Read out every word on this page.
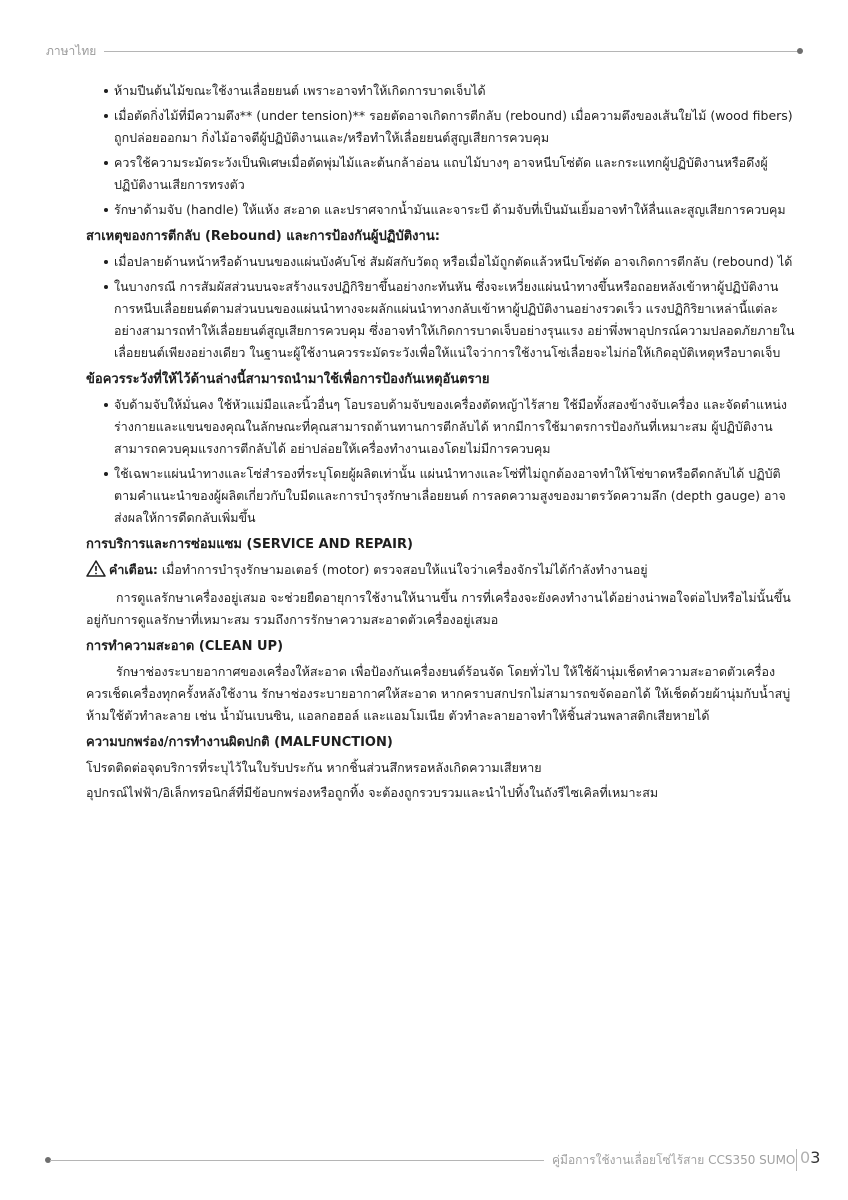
ภาษาไทย
ห้ามปีนต้นไม้ขณะใช้งานเลื่อยยนต์ เพราะอาจทำให้เกิดการบาดเจ็บได้
เมื่อตัดกิ่งไม้ที่มีความตึง** (under tension)** รอยตัดอาจเกิดการตีกลับ (rebound) เมื่อความตึงของเส้นใยไม้ (wood fibers) ถูกปล่อยออกมา กิ่งไม้อาจตีผู้ปฏิบัติงานและ/หรือทำให้เลื่อยยนต์สูญเสียการควบคุม
ควรใช้ความระมัดระวังเป็นพิเศษเมื่อตัดพุ่มไม้และต้นกล้าอ่อน แถบไม้บางๆ อาจหนีบโซ่ตัด และกระแทกผู้ปฏิบัติงานหรือดึงผู้ปฏิบัติงานเสียการทรงตัว
รักษาด้ามจับ (handle) ให้แห้ง สะอาด และปราศจากน้ำมันและจาระบี ด้ามจับที่เป็นมันเยิ้มอาจทำให้ลื่นและสูญเสียการควบคุม
สาเหตุของการตีกลับ (Rebound) และการป้องกันผู้ปฏิบัติงาน:
เมื่อปลายด้านหน้าหรือด้านบนของแผ่นบังคับโซ่ สัมผัสกับวัตถุ หรือเมื่อไม้ถูกตัดแล้วหนีบโซ่ตัด อาจเกิดการตีกลับ (rebound) ได้
ในบางกรณี การสัมผัสส่วนบนจะสร้างแรงปฏิกิริยาขึ้นอย่างกะทันหัน ซึ่งจะเหวี่ยงแผ่นนำทางขึ้นหรือถอยหลังเข้าหาผู้ปฏิบัติงาน การหนีบเลื่อยยนต์ตามส่วนบนของแผ่นนำทางจะผลักแผ่นนำทางกลับเข้าหาผู้ปฏิบัติงานอย่างรวดเร็ว แรงปฏิกิริยาเหล่านี้แต่ละอย่างสามารถทำให้เลื่อยยนต์สูญเสียการควบคุม ซึ่งอาจทำให้เกิดการบาดเจ็บอย่างรุนแรง อย่าพึ่งพาอุปกรณ์ความปลอดภัยภายในเลื่อยยนต์เพียงอย่างเดียว ในฐานะผู้ใช้งานควรระมัดระวังเพื่อให้แน่ใจว่าการใช้งานโซ่เลื่อยจะไม่ก่อให้เกิดอุบัติเหตุหรือบาดเจ็บ
ข้อควรระวังที่ให้ไว้ด้านล่างนี้สามารถนำมาใช้เพื่อการป้องกันเหตุอันตราย
จับด้ามจับให้มั่นคง ใช้หัวแม่มือและนิ้วอื่นๆ โอบรอบด้ามจับของเครื่องตัดหญ้าไร้สาย ใช้มือทั้งสองข้างจับเครื่อง และจัดตำแหน่งร่างกายและแขนของคุณในลักษณะที่คุณสามารถต้านทานการตีกลับได้ หากมีการใช้มาตรการป้องกันที่เหมาะสม ผู้ปฏิบัติงานสามารถควบคุมแรงการตีกลับได้ อย่าปล่อยให้เครื่องทำงานเองโดยไม่มีการควบคุม
ใช้เฉพาะแผ่นนำทางและโซ่สำรองที่ระบุโดยผู้ผลิตเท่านั้น แผ่นนำทางและโซ่ที่ไม่ถูกต้องอาจทำให้โซ่ขาดหรือดีดกลับได้ ปฏิบัติตามคำแนะนำของผู้ผลิตเกี่ยวกับใบมีดและการบำรุงรักษาเลื่อยยนต์ การลดความสูงของมาตรวัดความลึก (depth gauge) อาจส่งผลให้การดีดกลับเพิ่มขึ้น
การบริการและการซ่อมแซม (SERVICE AND REPAIR)
คำเตือน: เมื่อทำการบำรุงรักษามอเตอร์ (motor) ตรวจสอบให้แน่ใจว่าเครื่องจักรไม่ได้กำลังทำงานอยู่
การดูแลรักษาเครื่องอยู่เสมอ จะช่วยยืดอายุการใช้งานให้นานขึ้น การที่เครื่องจะยังคงทำงานได้อย่างน่าพอใจต่อไปหรือไม่นั้นขึ้นอยู่กับการดูแลรักษาที่เหมาะสม รวมถึงการรักษาความสะอาดตัวเครื่องอยู่เสมอ
การทำความสะอาด (CLEAN UP)
รักษาช่องระบายอากาศของเครื่องให้สะอาด เพื่อป้องกันเครื่องยนต์ร้อนจัด โดยทั่วไป ให้ใช้ผ้านุ่มเช็ดทำความสะอาดตัวเครื่อง ควรเช็ดเครื่องทุกครั้งหลังใช้งาน รักษาช่องระบายอากาศให้สะอาด หากคราบสกปรกไม่สามารถขจัดออกได้ ให้เช็ดด้วยผ้านุ่มกับน้ำสบู่ ห้ามใช้ตัวทำละลาย เช่น น้ำมันเบนซิน, แอลกอฮอล์ และแอมโมเนีย ตัวทำละลายอาจทำให้ชิ้นส่วนพลาสติกเสียหายได้
ความบกพร่อง/การทำงานผิดปกติ (MALFUNCTION)
โปรดติดต่อจุดบริการที่ระบุไว้ในใบรับประกัน หากชิ้นส่วนสึกหรอหลังเกิดความเสียหาย
อุปกรณ์ไฟฟ้า/อิเล็กทรอนิกส์ที่มีข้อบกพร่องหรือถูกทิ้ง จะต้องถูกรวบรวมและนำไปทิ้งในถังรีไซเคิลที่เหมาะสม
คู่มือการใช้งานเลื่อยโซ่ไร้สาย CCS350 SUMO 03
